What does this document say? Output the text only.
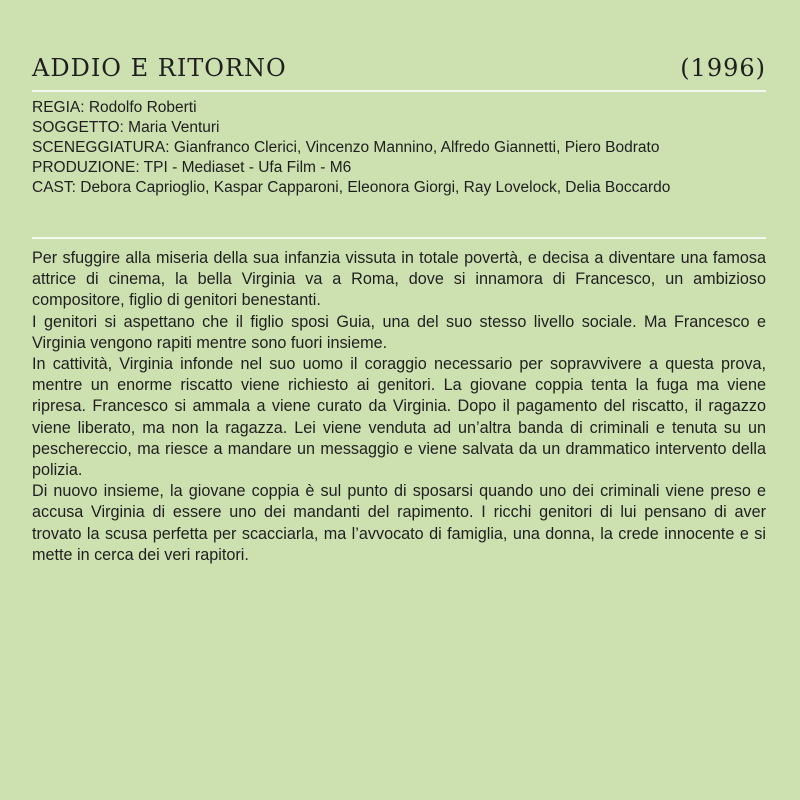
ADDIO E RITORNO	(1996)

REGIA: Rodolfo Roberti

SOGGETTO: Maria Venturi

SCENEGGIATURA: Gianfranco Clerici, Vincenzo Mannino, Alfredo Giannetti, Piero Bodrato

PRODUZIONE: TPI - Mediaset - Ufa Film - M6

CAST: Debora Caprioglio, Kaspar Capparoni, Eleonora Giorgi, Ray Lovelock, Delia Boccardo

Per sfuggire alla miseria della sua infanzia vissuta in totale povertà, e decisa a diventare una famosa attrice di cinema, la bella Virginia va a Roma, dove si innamora di Francesco, un ambizioso compositore, figlio di genitori benestanti.

I genitori si aspettano che il figlio sposi Guia, una del suo stesso livello sociale. Ma Francesco e Virginia vengono rapiti mentre sono fuori insieme.

In cattività, Virginia infonde nel suo uomo il coraggio necessario per sopravvivere a questa prova, mentre un enorme riscatto viene richiesto ai genitori. La giovane coppia tenta la fuga ma viene ripresa. Francesco si ammala a viene curato da Virginia. Dopo il pagamento del riscatto, il ragazzo viene liberato, ma non la ragazza. Lei viene venduta ad un’altra banda di criminali e tenuta su un peschereccio, ma riesce a mandare un messaggio e viene salvata da un drammatico intervento della polizia.

Di nuovo insieme, la giovane coppia è sul punto di sposarsi quando uno dei criminali viene preso e accusa Virginia di essere uno dei mandanti del rapimento. I ricchi genitori di lui pensano di aver trovato la scusa perfetta per scacciarla, ma l’avvocato di famiglia, una donna, la crede innocente e si mette in cerca dei veri rapitori.
